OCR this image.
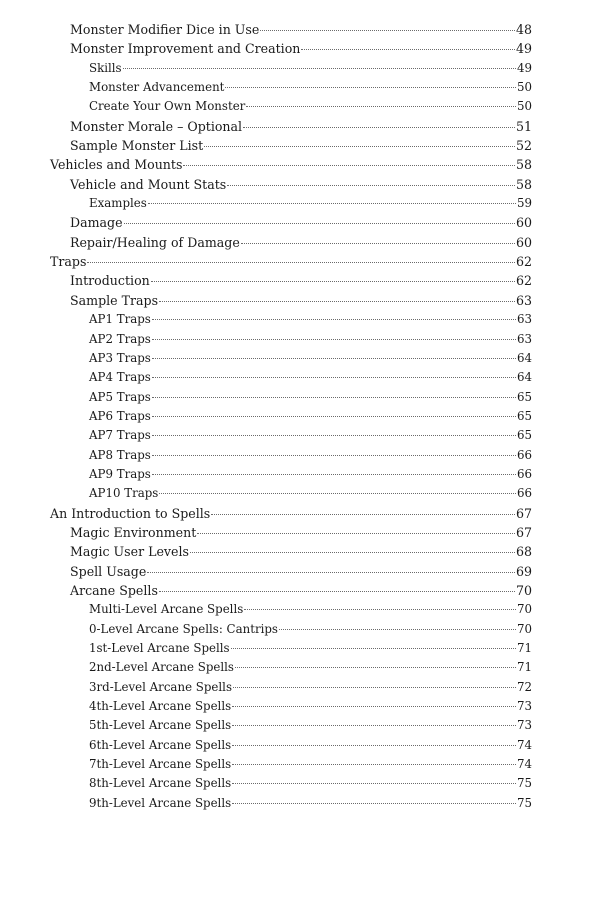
Monster Modifier Dice in Use	48
Monster Improvement and Creation	49
Skills	49
Monster Advancement	50
Create Your Own Monster	50
Monster Morale – Optional	51
Sample Monster List	52
Vehicles and Mounts	58
Vehicle and Mount Stats	58
Examples	59
Damage	60
Repair/Healing of Damage	60
Traps	62
Introduction	62
Sample Traps	63
AP1 Traps	63
AP2 Traps	63
AP3 Traps	64
AP4 Traps	64
AP5 Traps	65
AP6 Traps	65
AP7 Traps	65
AP8 Traps	66
AP9 Traps	66
AP10 Traps	66
An Introduction to Spells	67
Magic Environment	67
Magic User Levels	68
Spell Usage	69
Arcane Spells	70
Multi-Level Arcane Spells	70
0-Level Arcane Spells: Cantrips	70
1st-Level Arcane Spells	71
2nd-Level Arcane Spells	71
3rd-Level Arcane Spells	72
4th-Level Arcane Spells	73
5th-Level Arcane Spells	73
6th-Level Arcane Spells	74
7th-Level Arcane Spells	74
8th-Level Arcane Spells	75
9th-Level Arcane Spells	75
